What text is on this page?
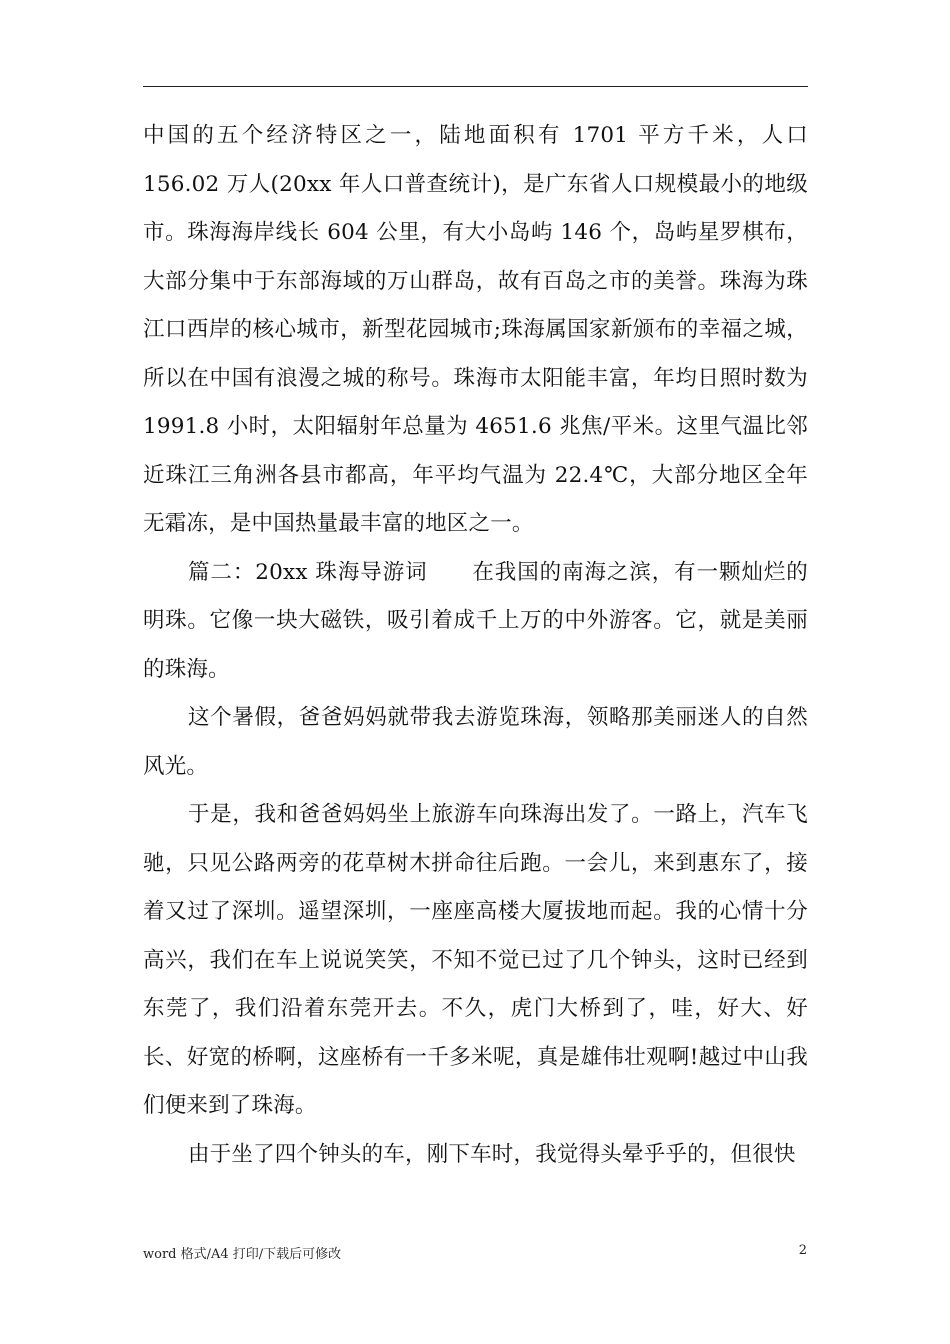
中国的五个经济特区之一，陆地面积有 1701 平方千米，人口 156.02 万人(20xx 年人口普查统计)，是广东省人口规模最小的地级市。珠海海岸线长 604 公里，有大小岛屿 146 个，岛屿星罗棋布，大部分集中于东部海域的万山群岛，故有百岛之市的美誉。珠海为珠江口西岸的核心城市，新型花园城市;珠海属国家新颁布的幸福之城，所以在中国有浪漫之城的称号。珠海市太阳能丰富，年均日照时数为 1991.8 小时，太阳辐射年总量为 4651.6 兆焦/平米。这里气温比邻近珠江三角洲各县市都高，年平均气温为 22.4℃，大部分地区全年无霜冻，是中国热量最丰富的地区之一。

篇二：20xx 珠海导游词　　在我国的南海之滨，有一颗灿烂的明珠。它像一块大磁铁，吸引着成千上万的中外游客。它，就是美丽的珠海。

这个暑假，爸爸妈妈就带我去游览珠海，领略那美丽迷人的自然风光。

于是，我和爸爸妈妈坐上旅游车向珠海出发了。一路上，汽车飞驰，只见公路两旁的花草树木拼命往后跑。一会儿，来到惠东了，接着又过了深圳。遥望深圳，一座座高楼大厦拔地而起。我的心情十分高兴，我们在车上说说笑笑，不知不觉已过了几个钟头，这时已经到东莞了，我们沿着东莞开去。不久，虎门大桥到了，哇，好大、好长、好宽的桥啊，这座桥有一千多米呢，真是雄伟壮观啊!越过中山我们便来到了珠海。

由于坐了四个钟头的车，刚下车时，我觉得头晕乎乎的，但很快

word 格式/A4 打印/下载后可修改	2
